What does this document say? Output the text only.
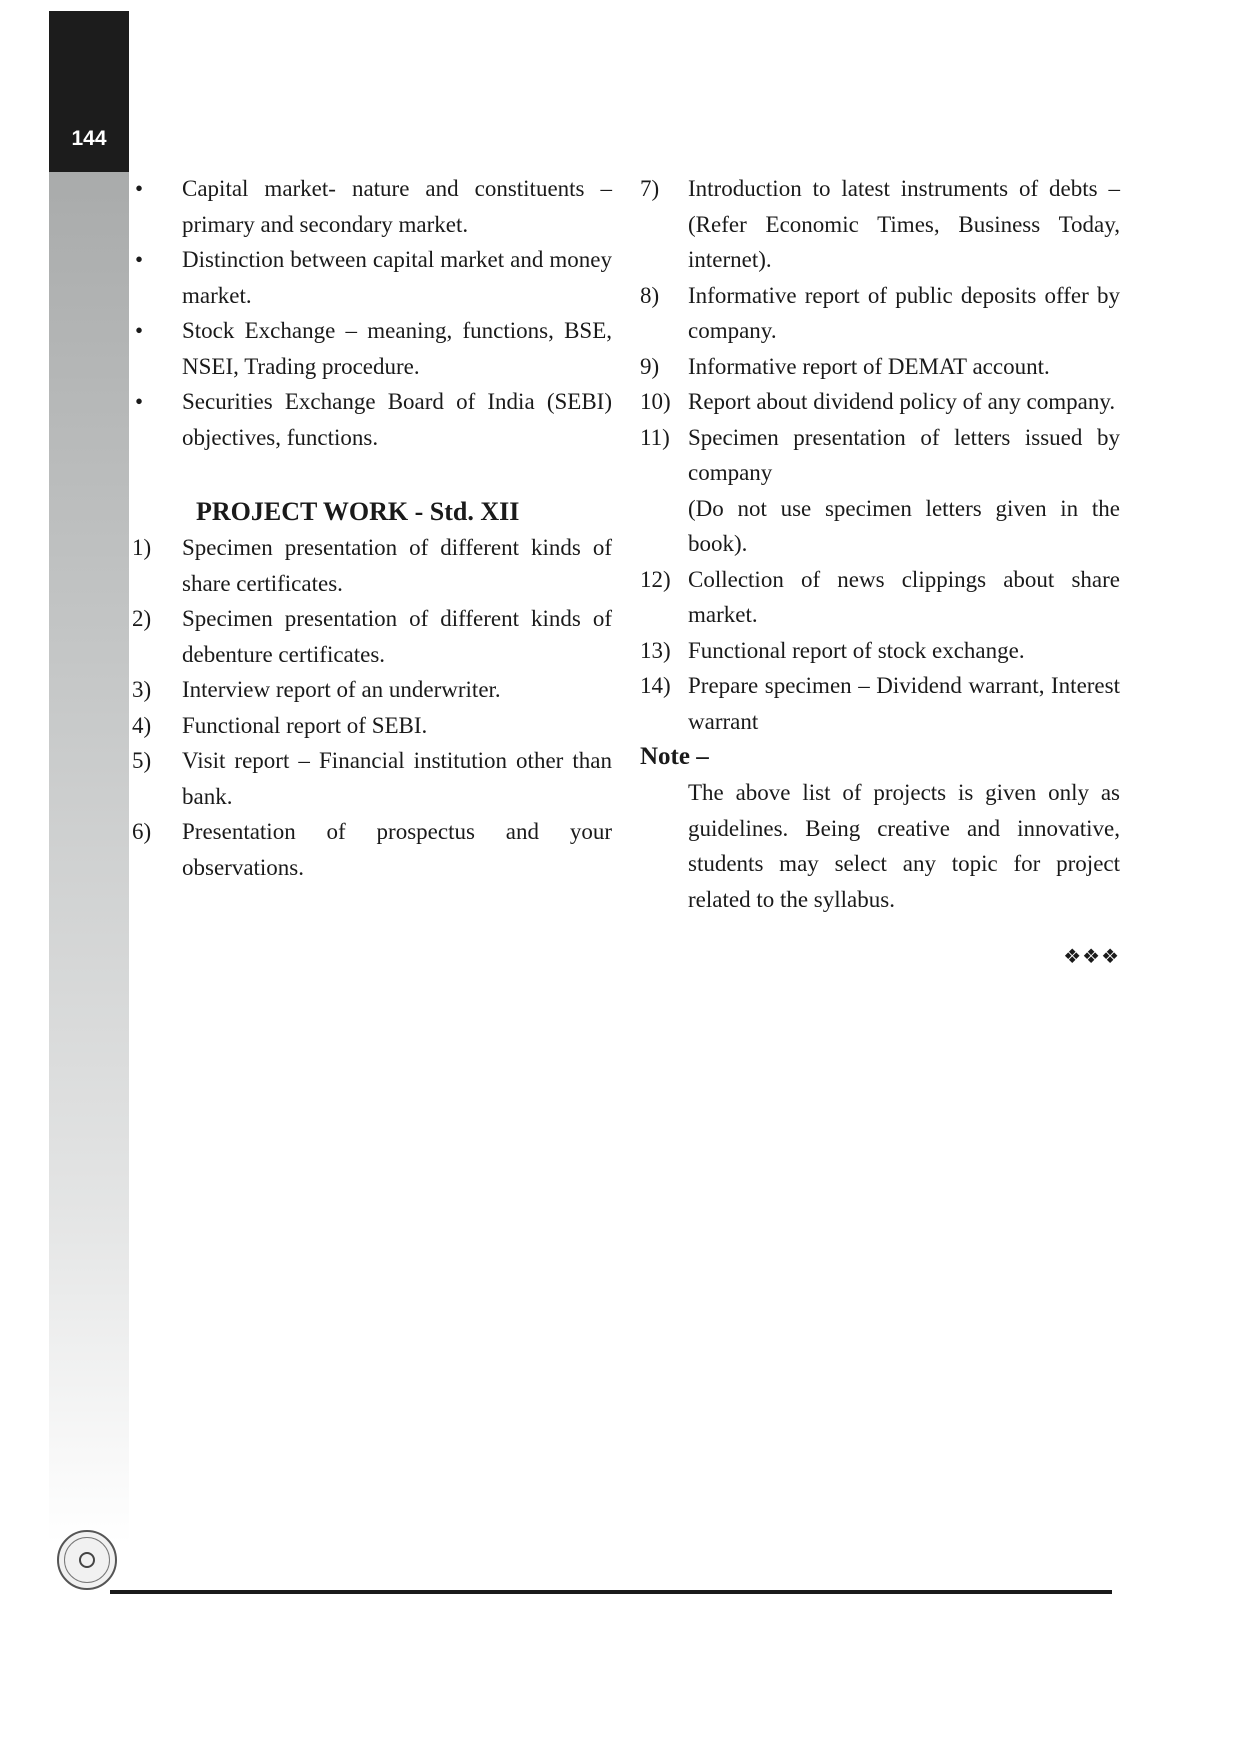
144
•	Capital market- nature and constituents – primary and secondary market.
•	Distinction between capital market and money market.
•	Stock Exchange – meaning, functions, BSE, NSEI, Trading procedure.
•	Securities Exchange Board of India (SEBI) objectives, functions.
PROJECT WORK - Std. XII
1)	Specimen presentation of different kinds of share certificates.
2)	Specimen presentation of different kinds of debenture certificates.
3)	Interview report of an underwriter.
4)	Functional report of SEBI.
5)	Visit report – Financial institution other than bank.
6)	Presentation of prospectus and your observations.
7)	Introduction to latest instruments of debts – (Refer Economic Times, Business Today, internet).
8)	Informative report of public deposits offer by company.
9)	Informative report of DEMAT account.
10) Report about dividend policy of any company.
11) Specimen presentation of letters issued by company
(Do not use specimen letters given in the book).
12) Collection of news clippings about share market.
13) Functional report of stock exchange.
14) Prepare specimen – Dividend warrant, Interest warrant
Note –
The above list of projects is given only as guidelines. Being creative and innovative, students may select any topic for project related to the syllabus.
❖❖❖
